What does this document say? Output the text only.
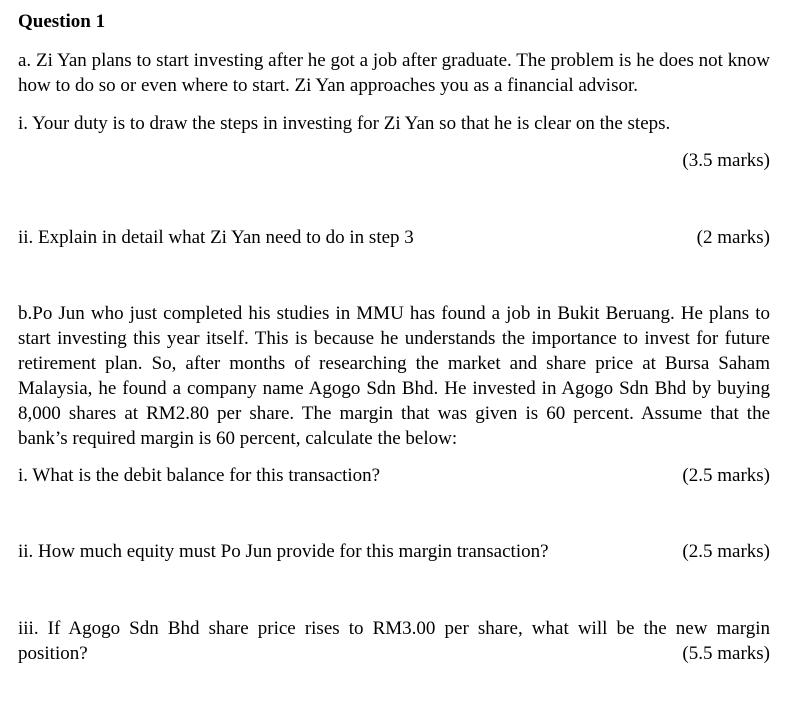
Question 1
a. Zi Yan plans to start investing after he got a job after graduate. The problem is he does not know how to do so or even where to start. Zi Yan approaches you as a financial advisor.
i. Your duty is to draw the steps in investing for Zi Yan so that he is clear on the steps.
(3.5 marks)
ii. Explain in detail what Zi Yan need to do in step 3	(2 marks)
b.Po Jun who just completed his studies in MMU has found a job in Bukit Beruang. He plans to start investing this year itself. This is because he understands the importance to invest for future retirement plan. So, after months of researching the market and share price at Bursa Saham Malaysia, he found a company name Agogo Sdn Bhd. He invested in Agogo Sdn Bhd by buying 8,000 shares at RM2.80 per share. The margin that was given is 60 percent. Assume that the bank’s required margin is 60 percent, calculate the below:
i. What is the debit balance for this transaction?	(2.5 marks)
ii. How much equity must Po Jun provide for this margin transaction?	(2.5 marks)
iii. If Agogo Sdn Bhd share price rises to RM3.00 per share, what will be the new margin position?	(5.5 marks)
